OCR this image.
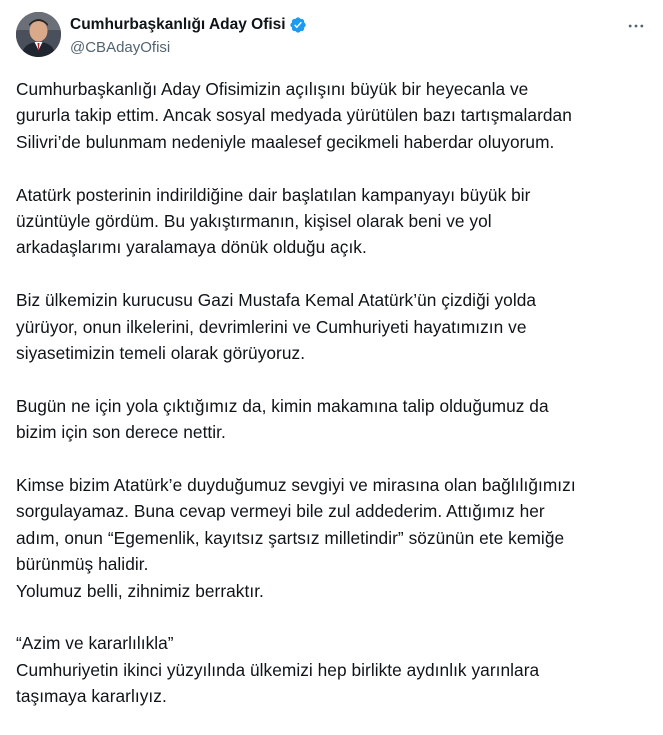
Cumhurbaşkanlığı Aday Ofisi
@CBAdayOfisi

Cumhurbaşkanlığı Aday Ofisimizin açılışını büyük bir heyecanla ve
gururla takip ettim. Ancak sosyal medyada yürütülen bazı tartışmalardan
Silivri’de bulunmam nedeniyle maalesef gecikmeli haberdar oluyorum.

Atatürk posterinin indirildiğine dair başlatılan kampanyayı büyük bir
üzüntüyle gördüm. Bu yakıştırmanın, kişisel olarak beni ve yol
arkadaşlarımı yaralamaya dönük olduğu açık.

Biz ülkemizin kurucusu Gazi Mustafa Kemal Atatürk’ün çizdiği yolda
yürüyor, onun ilkelerini, devrimlerini ve Cumhuriyeti hayatımızın ve
siyasetimizin temeli olarak görüyoruz.

Bugün ne için yola çıktığımız da, kimin makamına talip olduğumuz da
bizim için son derece nettir.

Kimse bizim Atatürk’e duyduğumuz sevgiyi ve mirasına olan bağlılığımızı
sorgulayamaz. Buna cevap vermeyi bile zul addederim. Attığımız her
adım, onun “Egemenlik, kayıtsız şartsız milletindir” sözünün ete kemiğe
bürünmüş halidir.
Yolumuz belli, zihnimiz berraktır.

“Azim ve kararlılıkla”
Cumhuriyetin ikinci yüzyılında ülkemizi hep birlikte aydınlık yarınlara
taşımaya kararlıyız.
